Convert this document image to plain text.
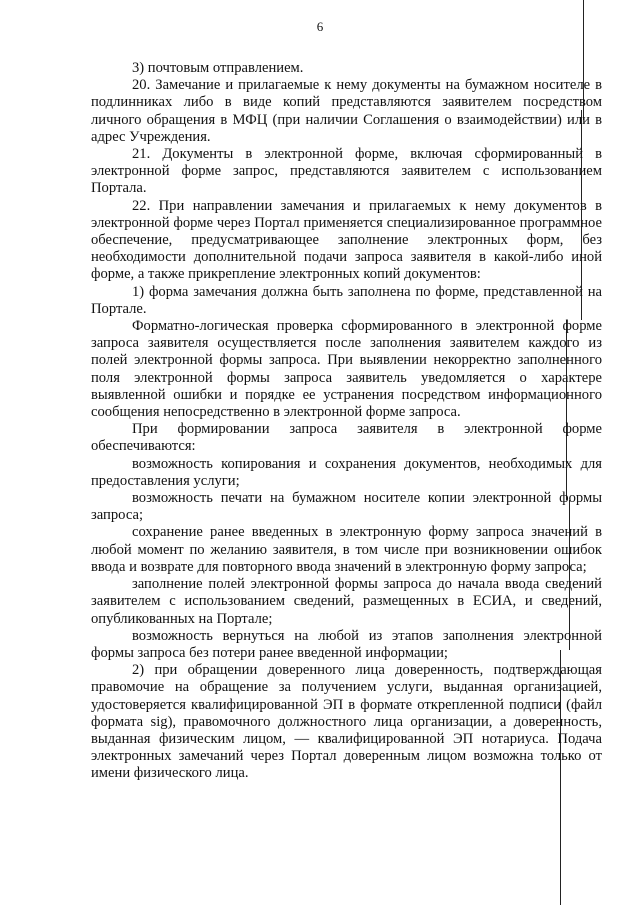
6

3) почтовым отправлением.

20. Замечание и прилагаемые к нему документы на бумажном носителе в подлинниках либо в виде копий представляются заявителем посредством личного обращения в МФЦ (при наличии Соглашения о взаимодействии) или в адрес Учреждения.

21. Документы в электронной форме, включая сформированный в электронной форме запрос, представляются заявителем с использованием Портала.

22. При направлении замечания и прилагаемых к нему документов в электронной форме через Портал применяется специализированное программное обеспечение, предусматривающее заполнение электронных форм, без необходимости дополнительной подачи запроса заявителя в какой-либо иной форме, а также прикрепление электронных копий документов:

1) форма замечания должна быть заполнена по форме, представленной на Портале.

Форматно-логическая проверка сформированного в электронной форме запроса заявителя осуществляется после заполнения заявителем каждого из полей электронной формы запроса. При выявлении некорректно заполненного поля электронной формы запроса заявитель уведомляется о характере выявленной ошибки и порядке ее устранения посредством информационного сообщения непосредственно в электронной форме запроса.

При формировании запроса заявителя в электронной форме обеспечиваются:

возможность копирования и сохранения документов, необходимых для предоставления услуги;

возможность печати на бумажном носителе копии электронной формы запроса;

сохранение ранее введенных в электронную форму запроса значений в любой момент по желанию заявителя, в том числе при возникновении ошибок ввода и возврате для повторного ввода значений в электронную форму запроса;

заполнение полей электронной формы запроса до начала ввода сведений заявителем с использованием сведений, размещенных в ЕСИА, и сведений, опубликованных на Портале;

возможность вернуться на любой из этапов заполнения электронной формы запроса без потери ранее введенной информации;

2) при обращении доверенного лица доверенность, подтверждающая правомочие на обращение за получением услуги, выданная организацией, удостоверяется квалифицированной ЭП в формате открепленной подписи (файл формата sig), правомочного должностного лица организации, а доверенность, выданная физическим лицом, — квалифицированной ЭП нотариуса. Подача электронных замечаний через Портал доверенным лицом возможна только от имени физического лица.
